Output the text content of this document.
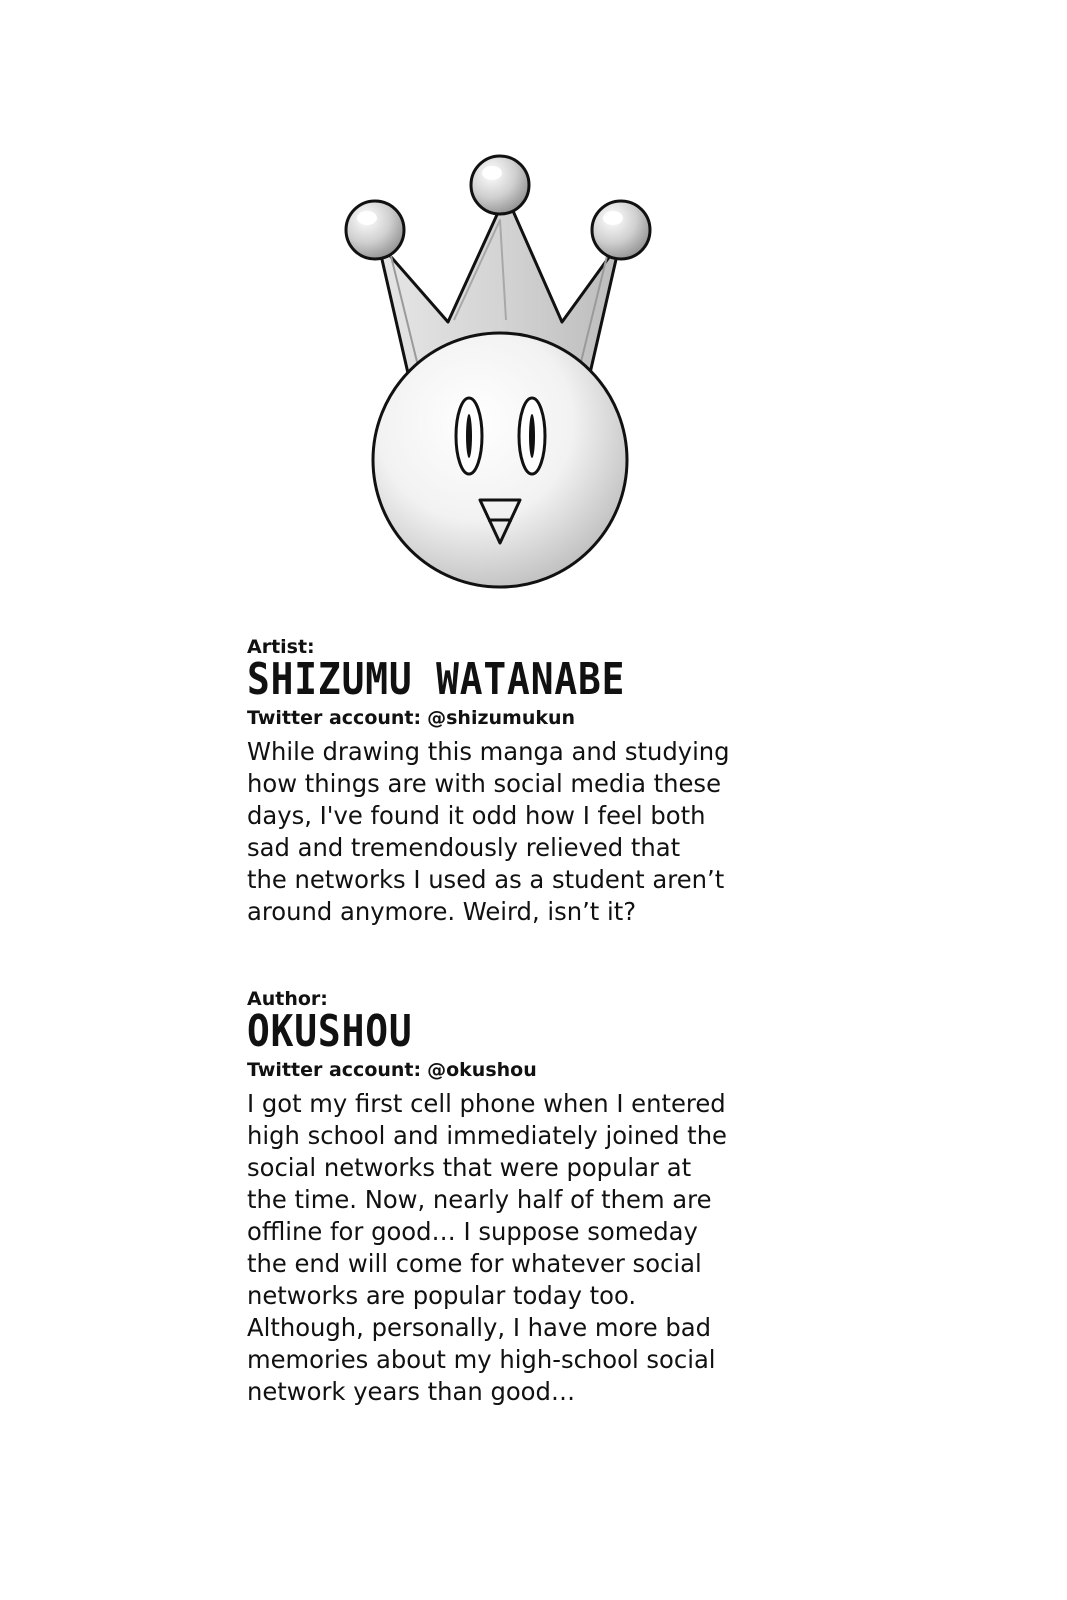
Artist:
SHIZUMU WATANABE
Twitter account: @shizumukun
While drawing this manga and studying
how things are with social media these
days, I've found it odd how I feel both
sad and tremendously relieved that
the networks I used as a student aren’t
around anymore. Weird, isn’t it?
Author:
OKUSHOU
Twitter account: @okushou
I got my first cell phone when I entered
high school and immediately joined the
social networks that were popular at
the time. Now, nearly half of them are
offline for good… I suppose someday
the end will come for whatever social
networks are popular today too.
Although, personally, I have more bad
memories about my high-school social
network years than good…
